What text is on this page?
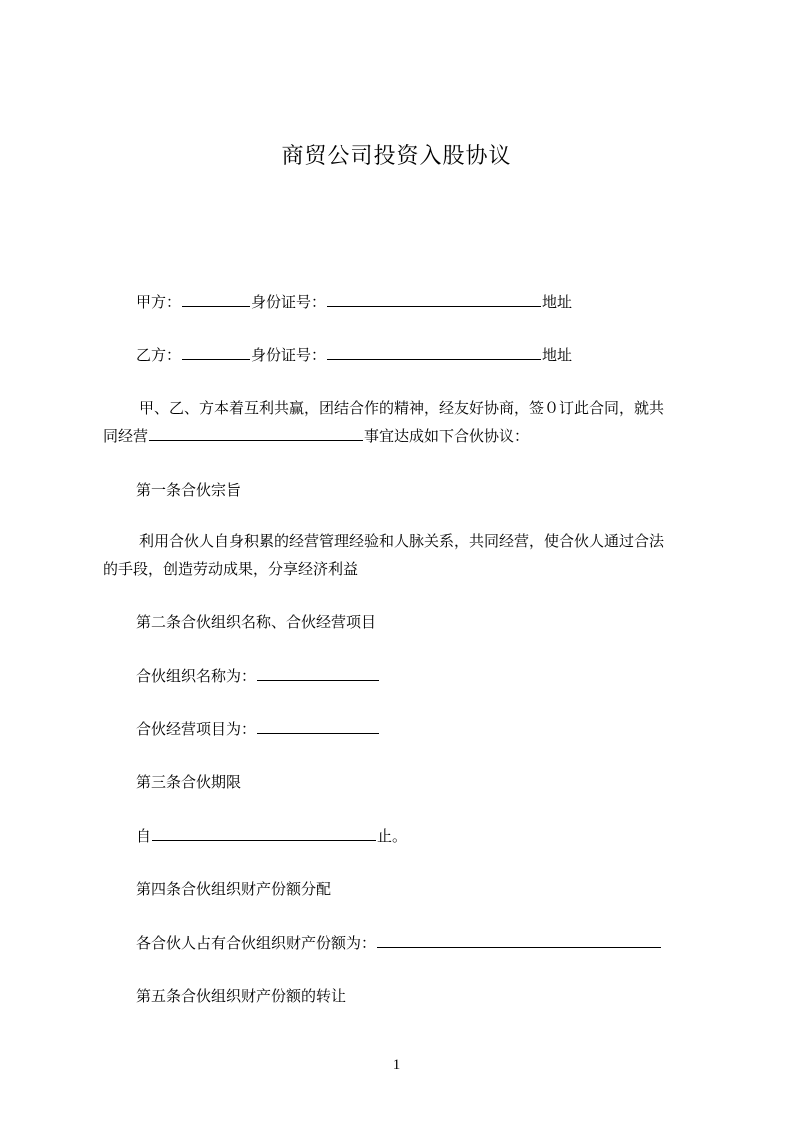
商贸公司投资入股协议
甲方：	身份证号：	地址
乙方：	身份证号：	地址
甲、乙、方本着互利共赢，团结合作的精神，经友好协商，签０订此合同，就共
同经营	事宜达成如下合伙协议：
第一条合伙宗旨
利用合伙人自身积累的经营管理经验和人脉关系，共同经营，使合伙人通过合法
的手段，创造劳动成果，分享经济利益
第二条合伙组织名称、合伙经营项目
合伙组织名称为：
合伙经营项目为：
第三条合伙期限
自	止。
第四条合伙组织财产份额分配
各合伙人占有合伙组织财产份额为：
第五条合伙组织财产份额的转让
1
